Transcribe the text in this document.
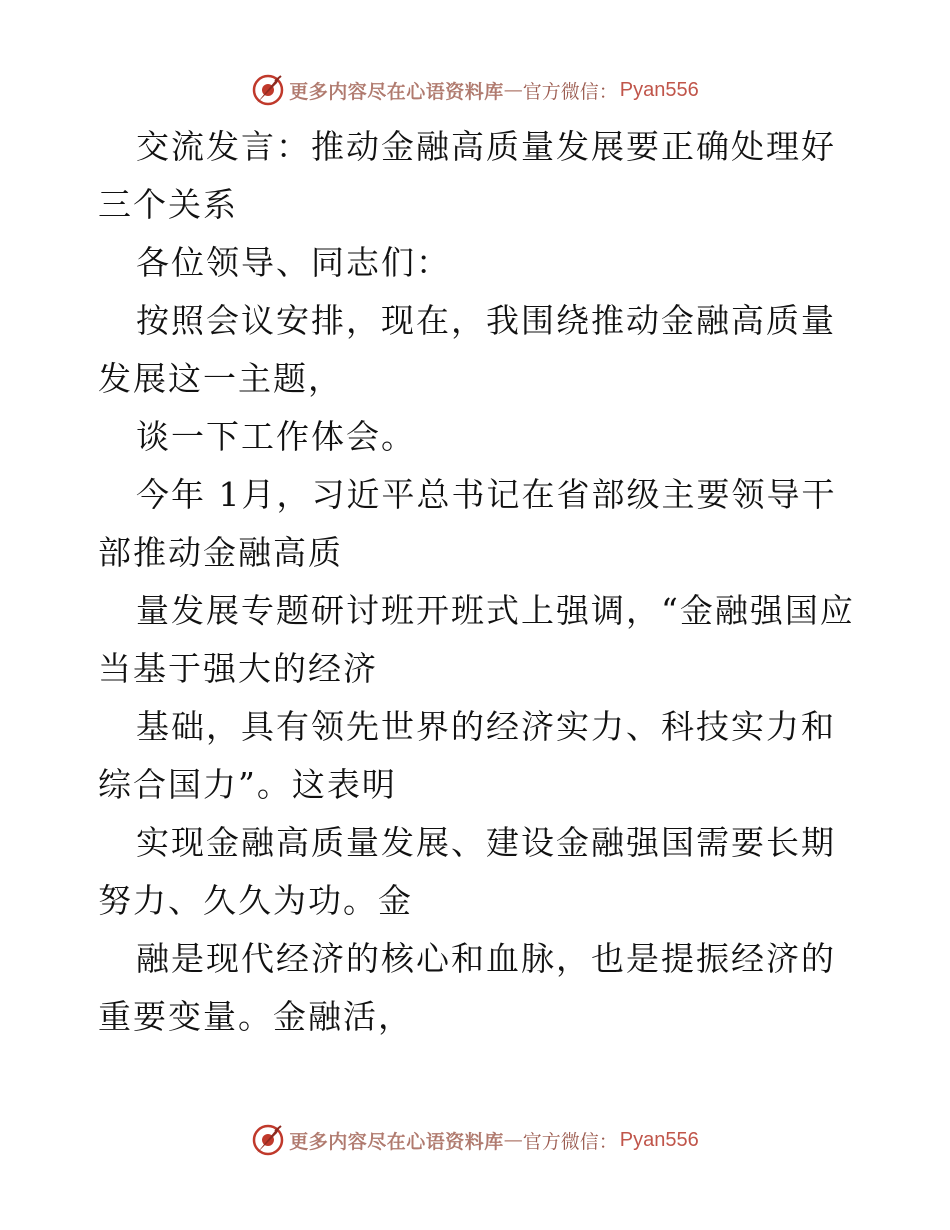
更多内容尽在心语资料库 — 官方微信： Pyan556

交流发言：推动金融高质量发展要正确处理好三个关系

各位领导、同志们：

按照会议安排，现在，我围绕推动金融高质量发展这一主题，

谈一下工作体会。

今年 1月，习近平总书记在省部级主要领导干部推动金融高质

量发展专题研讨班开班式上强调，“金融强国应当基于强大的经济

基础，具有领先世界的经济实力、科技实力和综合国力”。这表明

实现金融高质量发展、建设金融强国需要长期努力、久久为功。金

融是现代经济的核心和血脉，也是提振经济的重要变量。金融活，

更多内容尽在心语资料库 — 官方微信： Pyan556
